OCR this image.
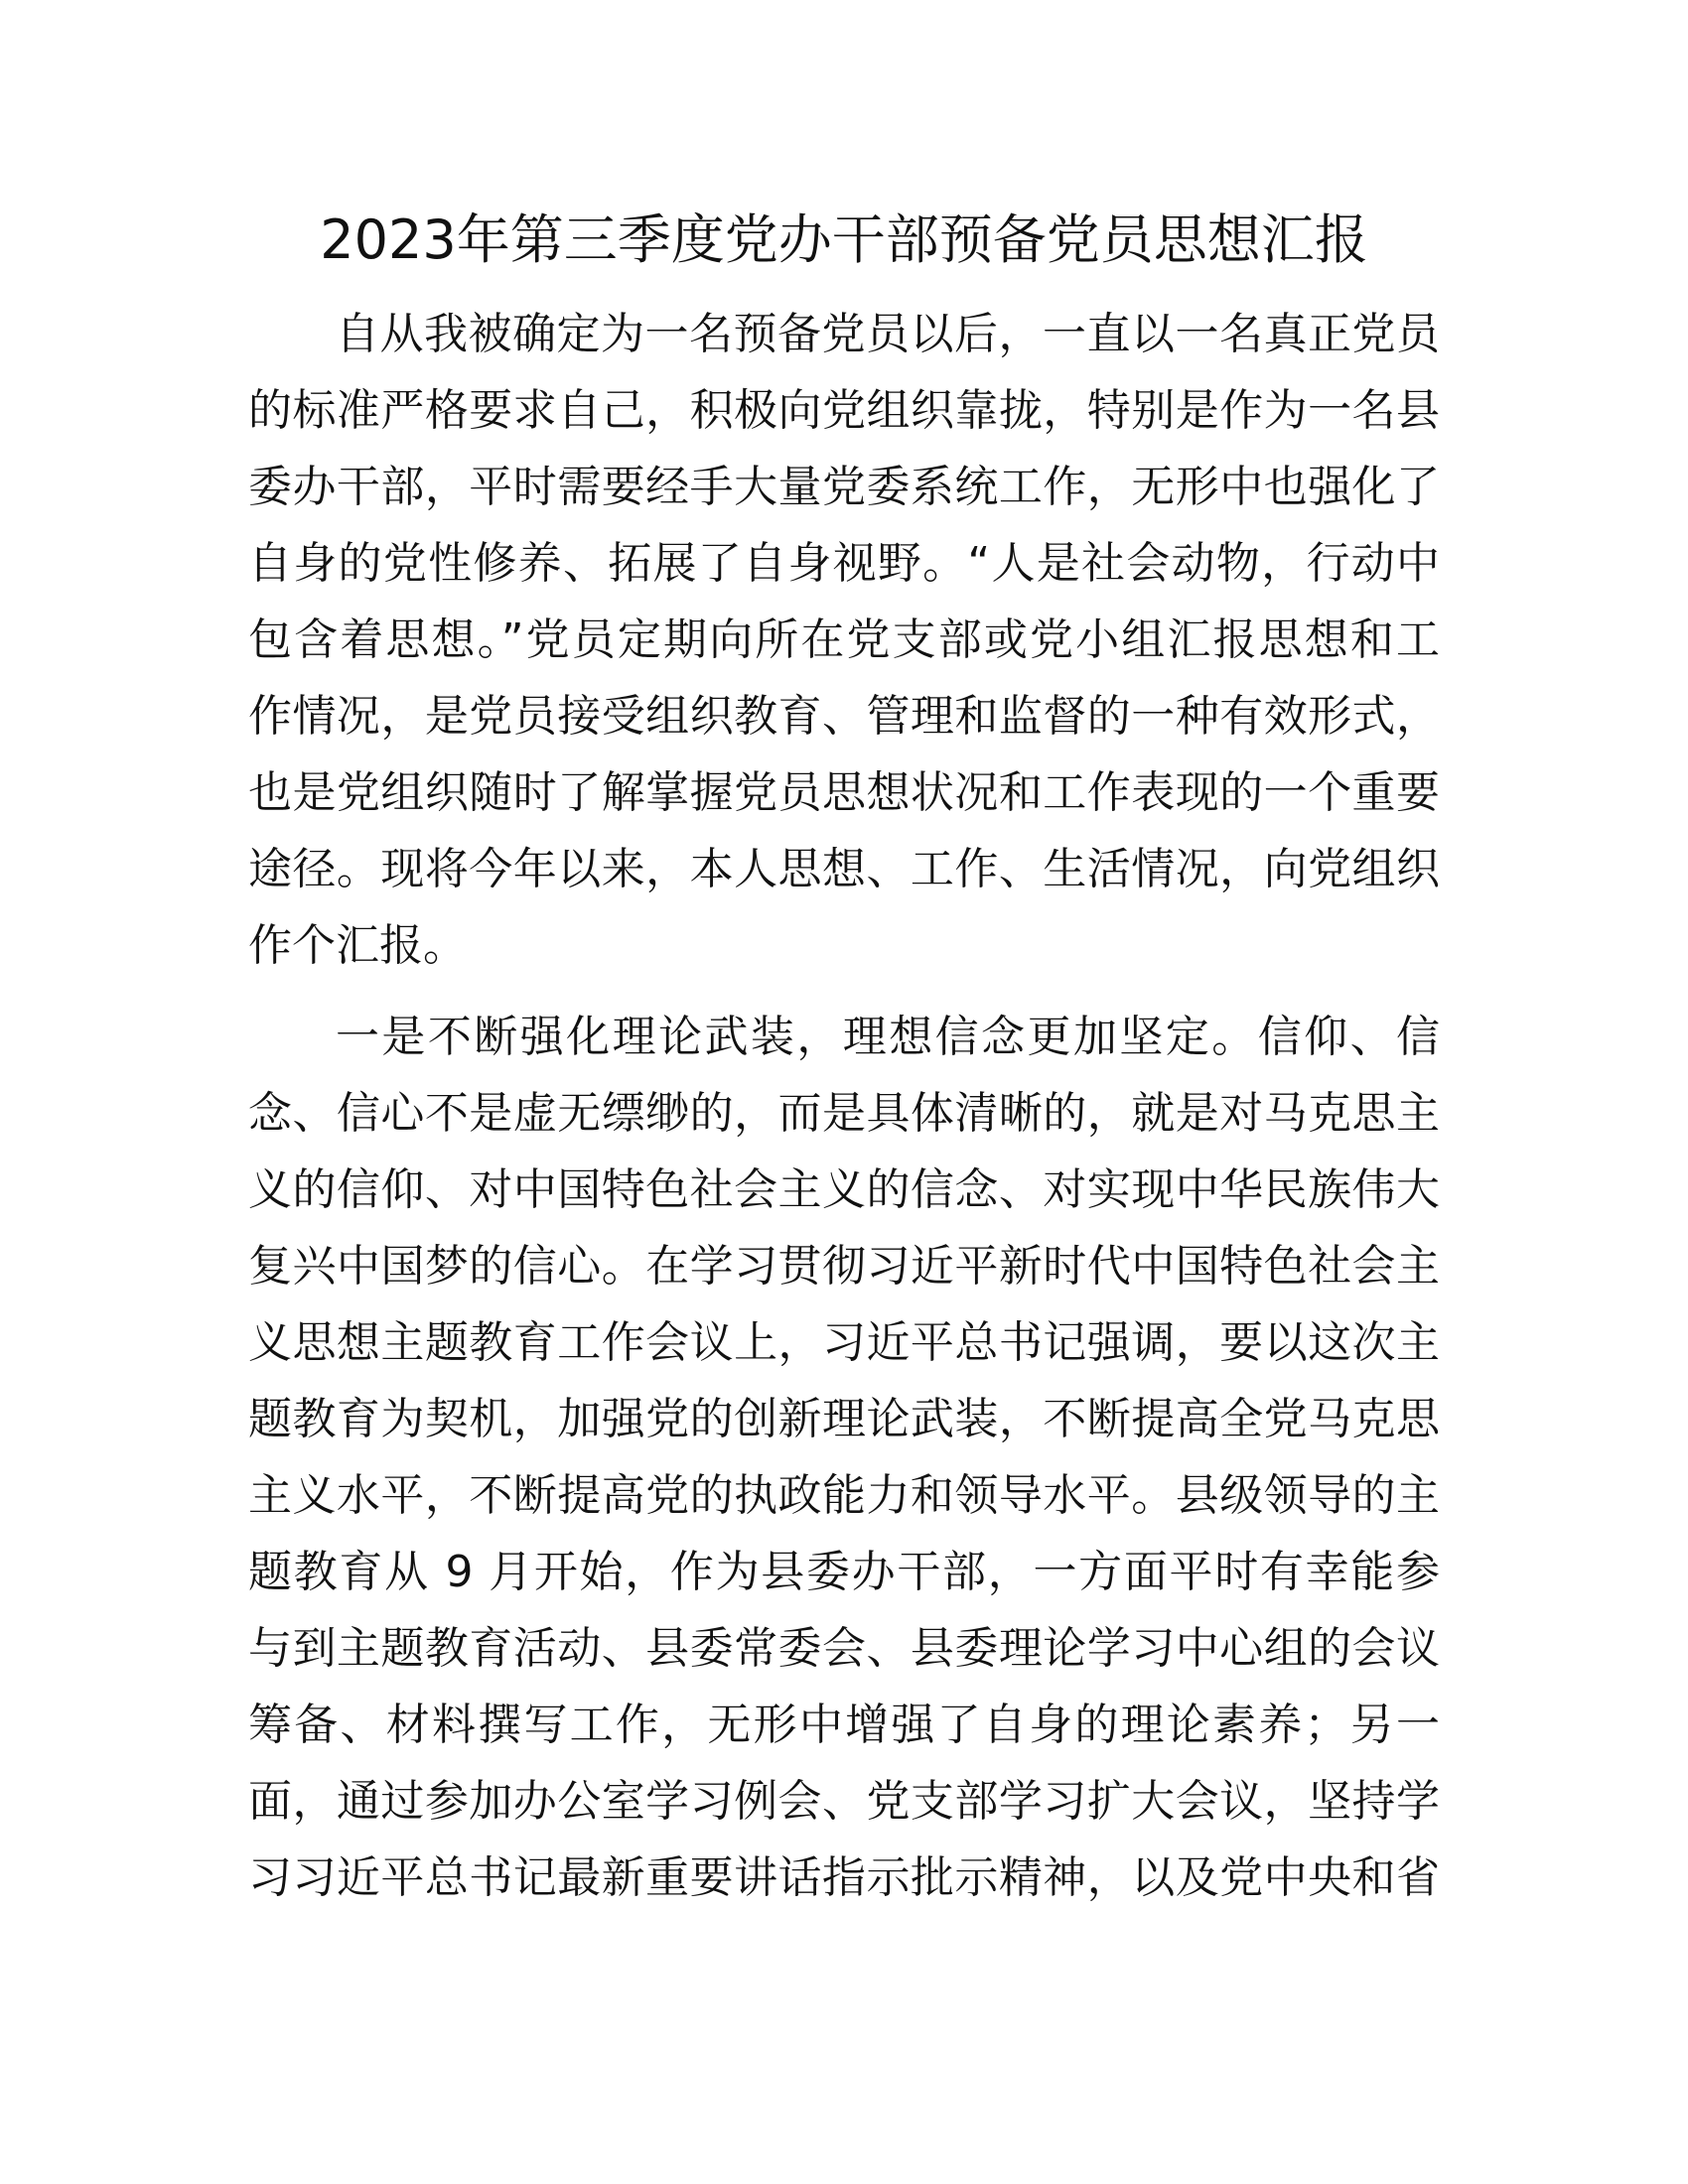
2023年第三季度党办干部预备党员思想汇报

自从我被确定为一名预备党员以后，一直以一名真正党员
的标准严格要求自己，积极向党组织靠拢，特别是作为一名县
委办干部，平时需要经手大量党委系统工作，无形中也强化了
自身的党性修养、拓展了自身视野。“人是社会动物，行动中
包含着思想。”党员定期向所在党支部或党小组汇报思想和工
作情况，是党员接受组织教育、管理和监督的一种有效形式，
也是党组织随时了解掌握党员思想状况和工作表现的一个重要
途径。现将今年以来，本人思想、工作、生活情况，向党组织
作个汇报。

一是不断强化理论武装，理想信念更加坚定。信仰、信
念、信心不是虚无缥缈的，而是具体清晰的，就是对马克思主
义的信仰、对中国特色社会主义的信念、对实现中华民族伟大
复兴中国梦的信心。在学习贯彻习近平新时代中国特色社会主
义思想主题教育工作会议上，习近平总书记强调，要以这次主
题教育为契机，加强党的创新理论武装，不断提高全党马克思
主义水平，不断提高党的执政能力和领导水平。县级领导的主
题教育从 9 月开始，作为县委办干部，一方面平时有幸能参
与到主题教育活动、县委常委会、县委理论学习中心组的会议
筹备、材料撰写工作，无形中增强了自身的理论素养；另一
面，通过参加办公室学习例会、党支部学习扩大会议，坚持学
习习近平总书记最新重要讲话指示批示精神，以及党中央和省
